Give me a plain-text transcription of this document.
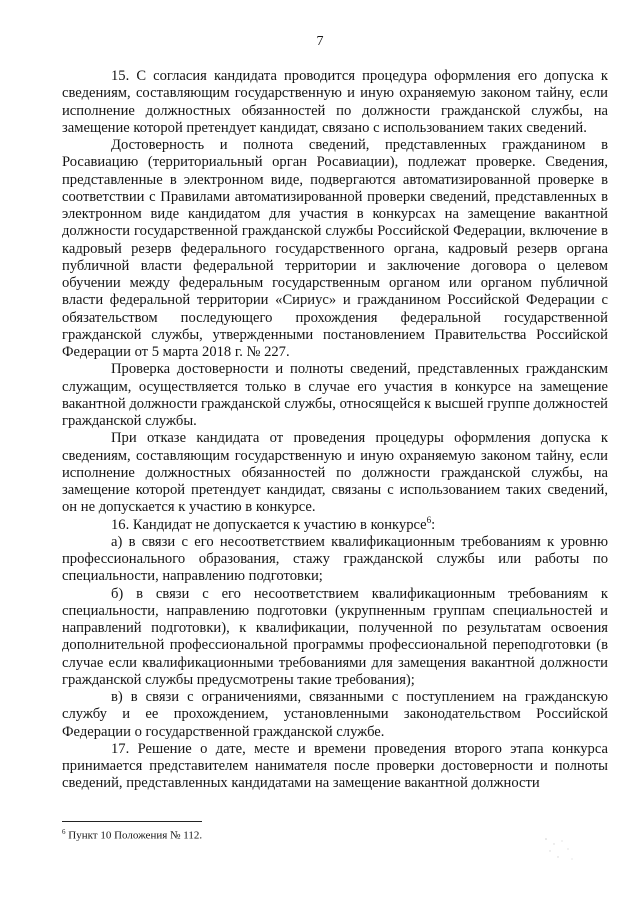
7

15. С согласия кандидата проводится процедура оформления его допуска к сведениям, составляющим государственную и иную охраняемую законом тайну, если исполнение должностных обязанностей по должности гражданской службы, на замещение которой претендует кандидат, связано с использованием таких сведений.

Достоверность и полнота сведений, представленных гражданином в Росавиацию (территориальный орган Росавиации), подлежат проверке. Сведения, представленные в электронном виде, подвергаются автоматизированной проверке в соответствии с Правилами автоматизированной проверки сведений, представленных в электронном виде кандидатом для участия в конкурсах на замещение вакантной должности государственной гражданской службы Российской Федерации, включение в кадровый резерв федерального государственного органа, кадровый резерв органа публичной власти федеральной территории и заключение договора о целевом обучении между федеральным государственным органом или органом публичной власти федеральной территории «Сириус» и гражданином Российской Федерации с обязательством последующего прохождения федеральной государственной гражданской службы, утвержденными постановлением Правительства Российской Федерации от 5 марта 2018 г. № 227.

Проверка достоверности и полноты сведений, представленных гражданским служащим, осуществляется только в случае его участия в конкурсе на замещение вакантной должности гражданской службы, относящейся к высшей группе должностей гражданской службы.

При отказе кандидата от проведения процедуры оформления допуска к сведениям, составляющим государственную и иную охраняемую законом тайну, если исполнение должностных обязанностей по должности гражданской службы, на замещение которой претендует кандидат, связаны с использованием таких сведений, он не допускается к участию в конкурсе.

16. Кандидат не допускается к участию в конкурсе$^6$:

а) в связи с его несоответствием квалификационным требованиям к уровню профессионального образования, стажу гражданской службы или работы по специальности, направлению подготовки;

б) в связи с его несоответствием квалификационным требованиям к специальности, направлению подготовки (укрупненным группам специальностей и направлений подготовки), к квалификации, полученной по результатам освоения дополнительной профессиональной программы профессиональной переподготовки (в случае если квалификационными требованиями для замещения вакантной должности гражданской службы предусмотрены такие требования);

в) в связи с ограничениями, связанными с поступлением на гражданскую службу и ее прохождением, установленными законодательством Российской Федерации о государственной гражданской службе.

17. Решение о дате, месте и времени проведения второго этапа конкурса принимается представителем нанимателя после проверки достоверности и полноты сведений, представленных кандидатами на замещение вакантной должности

$^6$ Пункт 10 Положения № 112.
